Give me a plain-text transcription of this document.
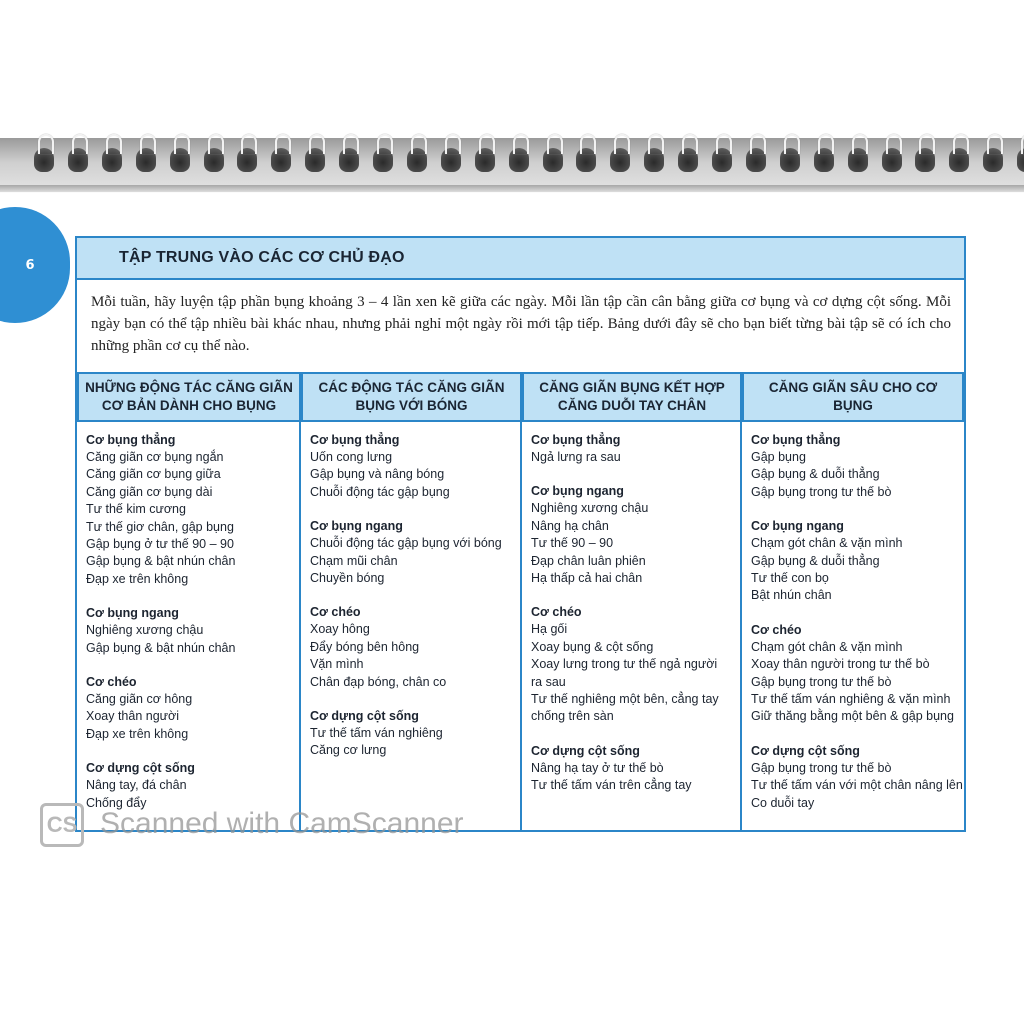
6	TẬP TRUNG VÀO CÁC CƠ CHỦ ĐẠO
Mỗi tuần, hãy luyện tập phần bụng khoảng 3 – 4 lần xen kẽ giữa các ngày. Mỗi lần tập cần cân bằng giữa cơ bụng và cơ dựng cột sống. Mỗi ngày bạn có thể tập nhiều bài khác nhau, nhưng phải nghỉ một ngày rồi mới tập tiếp. Bảng dưới đây sẽ cho bạn biết từng bài tập sẽ có ích cho những phần cơ cụ thể nào.
NHỮNG ĐỘNG TÁC CĂNG GIÃN CƠ BẢN DÀNH CHO BỤNG
CÁC ĐỘNG TÁC CĂNG GIÃN BỤNG VỚI BÓNG
CĂNG GIÃN BỤNG KẾT HỢP CĂNG DUỖI TAY CHÂN
CĂNG GIÃN SÂU CHO CƠ BỤNG
Cơ bụng thẳng
Căng giãn cơ bụng ngắn
Căng giãn cơ bụng giữa
Căng giãn cơ bụng dài
Tư thế kim cương
Tư thế giơ chân, gập bụng
Gập bụng ở tư thế 90 – 90
Gập bụng & bật nhún chân
Đạp xe trên không
Cơ bụng ngang
Nghiêng xương chậu
Gập bụng & bật nhún chân
Cơ chéo
Căng giãn cơ hông
Xoay thân người
Đạp xe trên không
Cơ dựng cột sống
Nâng tay, đá chân
Chống đẩy
Cơ bụng thẳng
Uốn cong lưng
Gập bụng và nâng bóng
Chuỗi động tác gập bụng
Cơ bụng ngang
Chuỗi động tác gập bụng với bóng
Chạm mũi chân
Chuyền bóng
Cơ chéo
Xoay hông
Đẩy bóng bên hông
Vặn mình
Chân đạp bóng, chân co
Cơ dựng cột sống
Tư thế tấm ván nghiêng
Căng cơ lưng
Cơ bụng thẳng
Ngả lưng ra sau
Cơ bụng ngang
Nghiêng xương chậu
Nâng hạ chân
Tư thế 90 – 90
Đạp chân luân phiên
Hạ thấp cả hai chân
Cơ chéo
Hạ gối
Xoay bụng & cột sống
Xoay lưng trong tư thế ngả người
ra sau
Tư thế nghiêng một bên, cẳng tay
chống trên sàn
Cơ dựng cột sống
Nâng hạ tay ở tư thế bò
Tư thế tấm ván trên cẳng tay
Cơ bụng thẳng
Gập bụng
Gập bụng & duỗi thẳng
Gập bụng trong tư thế bò
Cơ bụng ngang
Chạm gót chân & vặn mình
Gập bụng & duỗi thẳng
Tư thế con bọ
Bật nhún chân
Cơ chéo
Chạm gót chân & vặn mình
Xoay thân người trong tư thế bò
Gập bụng trong tư thế bò
Tư thế tấm ván nghiêng & vặn mình
Giữ thăng bằng một bên & gập bụng
Cơ dựng cột sống
Gập bụng trong tư thế bò
Tư thế tấm ván với một chân nâng lên
Co duỗi tay
CS Scanned with CamScanner
